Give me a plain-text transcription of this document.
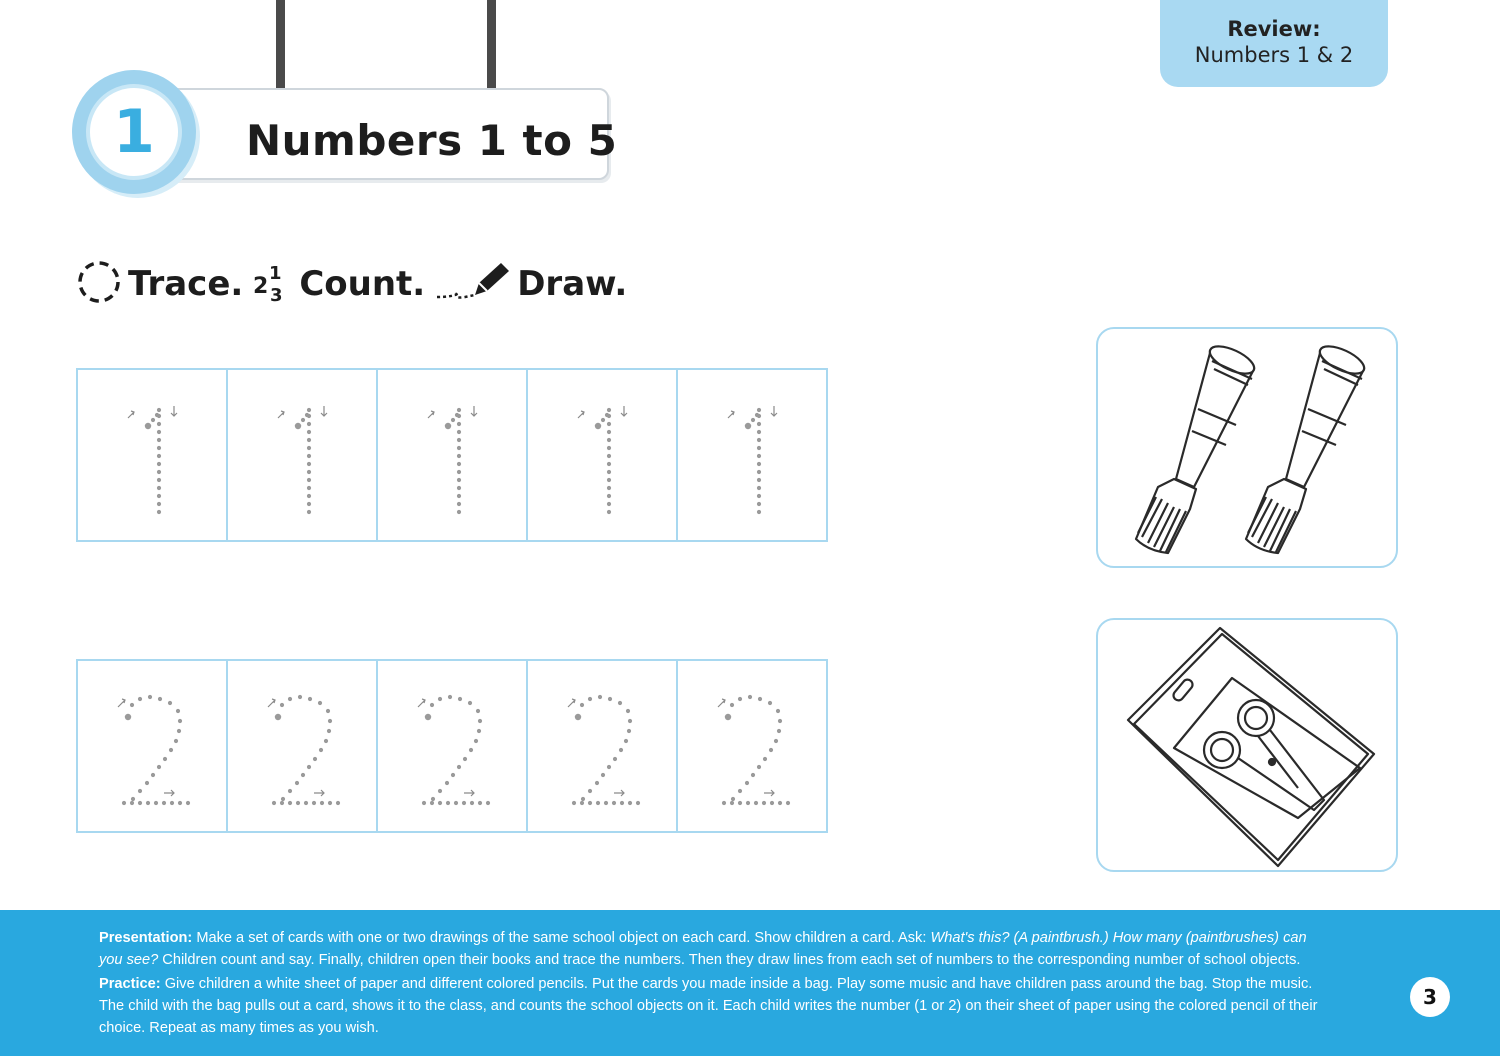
Numbers 1 to 5
1
Review:
Numbers 1 & 2
Trace. 2
1
3 Count.	Draw.
Presentation: Make a set of cards with one or two drawings of the same school object on each card. Show children a card. Ask: What's this? (A paintbrush.) How many (paintbrushes) can you see? Children count and say. Finally, children open their books and trace the numbers. Then they draw lines from each set of numbers to the corresponding number of school objects.
Practice: Give children a white sheet of paper and different colored pencils. Put the cards you made inside a bag. Play some music and have children pass around the bag. Stop the music. The child with the bag pulls out a card, shows it to the class, and counts the school objects on it. Each child writes the number (1 or 2) on their sheet of paper using the colored pencil of their choice. Repeat as many times as you wish.
3
